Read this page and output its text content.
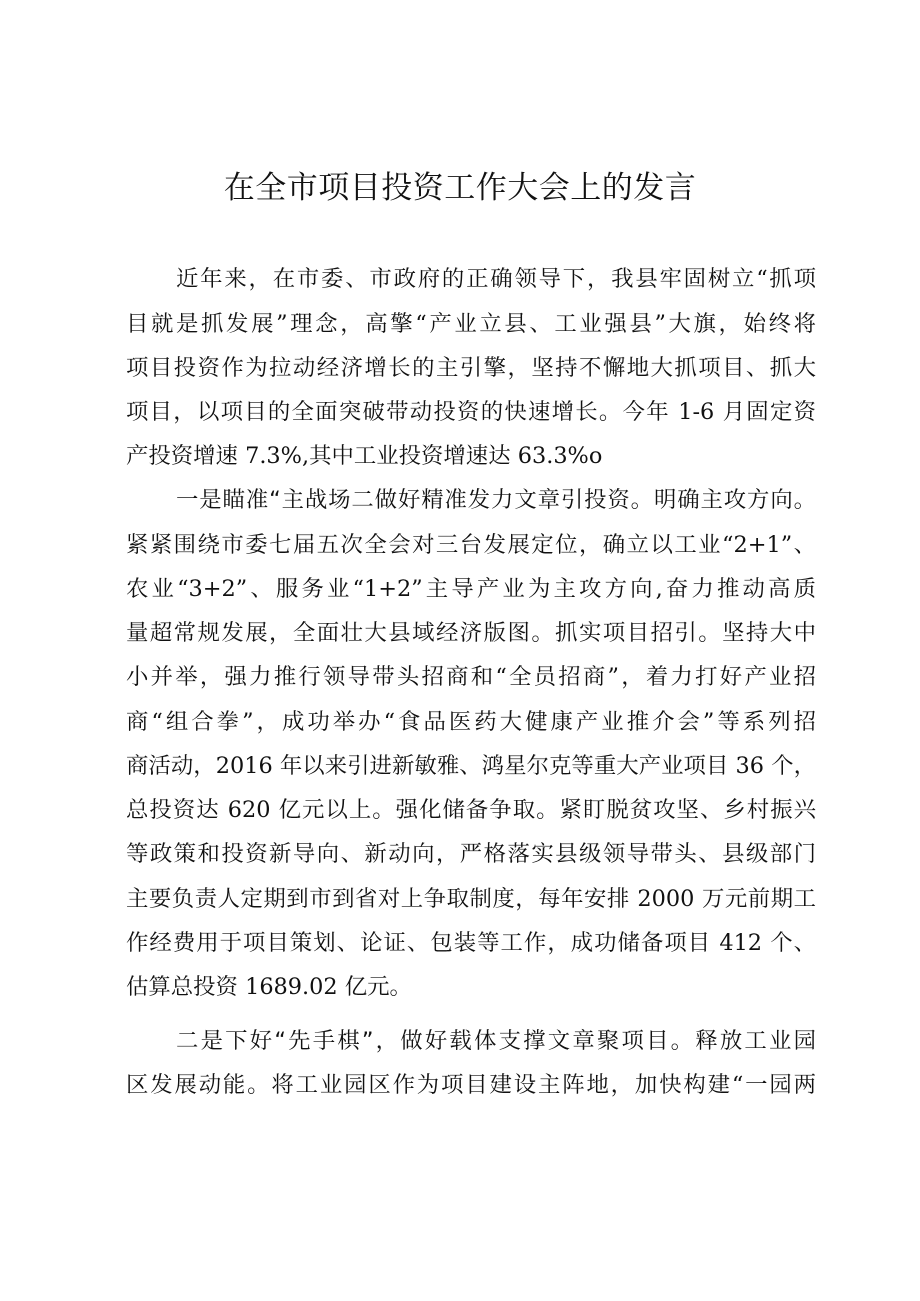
在全市项目投资工作大会上的发言
近年来，在市委、市政府的正确领导下，我县牢固树立“抓项
目就是抓发展”理念，高擎“产业立县、工业强县”大旗，始终将
项目投资作为拉动经济增长的主引擎，坚持不懈地大抓项目、抓大
项目，以项目的全面突破带动投资的快速增长。今年 1-6 月固定资
产投资增速 7.3%,其中工业投资增速达 63.3%o
一是瞄准“主战场二做好精准发力文章引投资。明确主攻方向。
紧紧围绕市委七届五次全会对三台发展定位，确立以工业“2+1”、
农业“3+2”、服务业“1+2”主导产业为主攻方向,奋力推动高质
量超常规发展，全面壮大县域经济版图。抓实项目招引。坚持大中
小并举，强力推行领导带头招商和“全员招商”，着力打好产业招
商“组合拳”，成功举办“食品医药大健康产业推介会”等系列招
商活动，2016 年以来引进新敏雅、鸿星尔克等重大产业项目 36 个，
总投资达 620 亿元以上。强化储备争取。紧盯脱贫攻坚、乡村振兴
等政策和投资新导向、新动向，严格落实县级领导带头、县级部门
主要负责人定期到市到省对上争取制度，每年安排 2000 万元前期工
作经费用于项目策划、论证、包装等工作，成功储备项目 412 个、
估算总投资 1689.02 亿元。
二是下好“先手棋”，做好载体支撑文章聚项目。释放工业园
区发展动能。将工业园区作为项目建设主阵地，加快构建“一园两
